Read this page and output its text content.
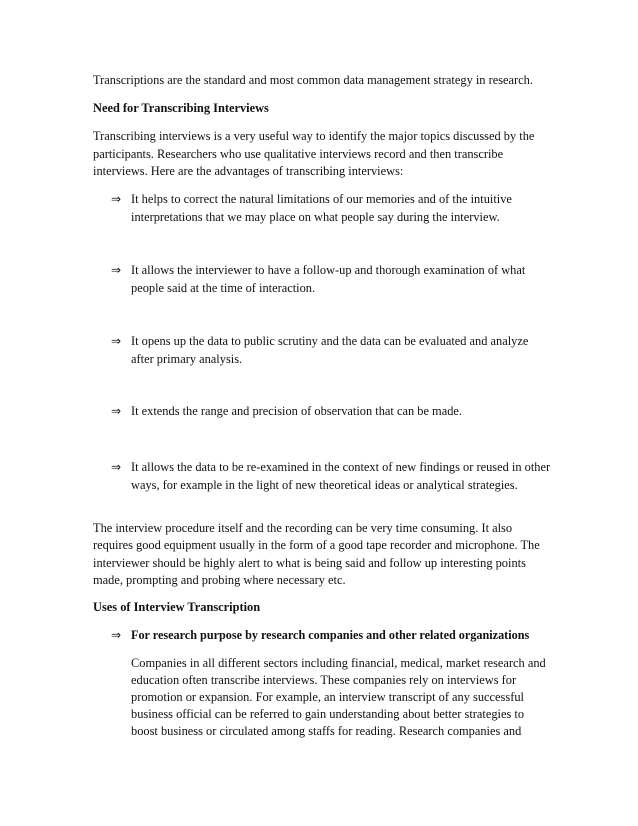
Transcriptions are the standard and most common data management strategy in research.

Need for Transcribing Interviews

Transcribing interviews is a very useful way to identify the major topics discussed by the participants. Researchers who use qualitative interviews record and then transcribe interviews. Here are the advantages of transcribing interviews:

⇒ It helps to correct the natural limitations of our memories and of the intuitive interpretations that we may place on what people say during the interview.
⇒ It allows the interviewer to have a follow-up and thorough examination of what people said at the time of interaction.
⇒ It opens up the data to public scrutiny and the data can be evaluated and analyze after primary analysis.
⇒ It extends the range and precision of observation that can be made.
⇒ It allows the data to be re-examined in the context of new findings or reused in other ways, for example in the light of new theoretical ideas or analytical strategies.

The interview procedure itself and the recording can be very time consuming. It also requires good equipment usually in the form of a good tape recorder and microphone. The interviewer should be highly alert to what is being said and follow up interesting points made, prompting and probing where necessary etc.

Uses of Interview Transcription

⇒ For research purpose by research companies and other related organizations

Companies in all different sectors including financial, medical, market research and education often transcribe interviews. These companies rely on interviews for promotion or expansion. For example, an interview transcript of any successful business official can be referred to gain understanding about better strategies to boost business or circulated among staffs for reading. Research companies and
